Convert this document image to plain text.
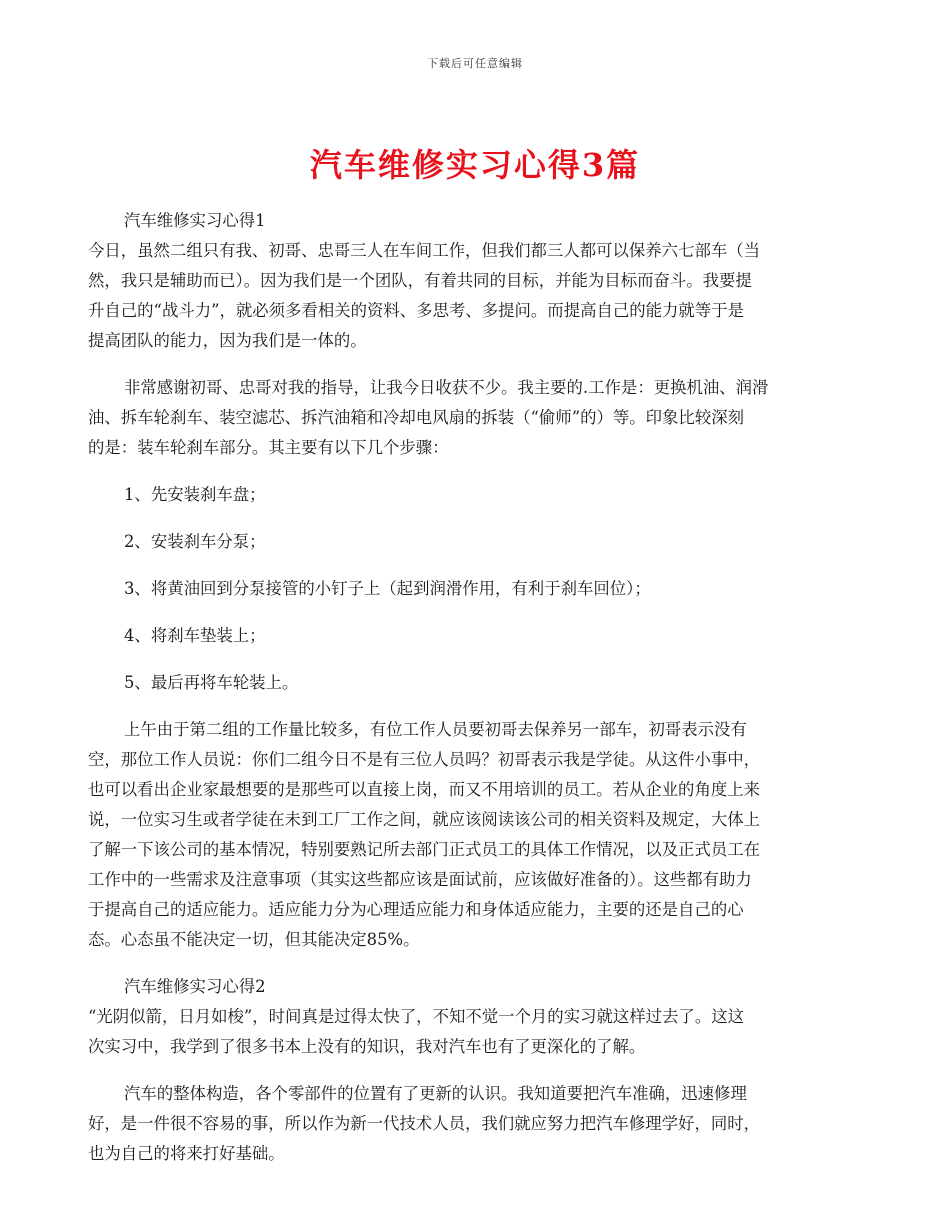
下载后可任意编辑
汽车维修实习心得3篇

汽车维修实习心得1

今日，虽然二组只有我、初哥、忠哥三人在车间工作，但我们都三人都可以保养六七部车（当

然，我只是辅助而已）。因为我们是一个团队，有着共同的目标，并能为目标而奋斗。我要提

升自己的“战斗力”，就必须多看相关的资料、多思考、多提问。而提高自己的能力就等于是

提高团队的能力，因为我们是一体的。

非常感谢初哥、忠哥对我的指导，让我今日收获不少。我主要的.工作是：更换机油、润滑

油、拆车轮刹车、装空滤芯、拆汽油箱和冷却电风扇的拆装（“偷师”的）等。印象比较深刻

的是：装车轮刹车部分。其主要有以下几个步骤：

1、先安装刹车盘；

2、安装刹车分泵；

3、将黄油回到分泵接管的小钉子上（起到润滑作用，有利于刹车回位）；

4、将刹车垫装上；

5、最后再将车轮装上。

上午由于第二组的工作量比较多，有位工作人员要初哥去保养另一部车，初哥表示没有

空，那位工作人员说：你们二组今日不是有三位人员吗？初哥表示我是学徒。从这件小事中，

也可以看出企业家最想要的是那些可以直接上岗，而又不用培训的员工。若从企业的角度上来

说，一位实习生或者学徒在未到工厂工作之间，就应该阅读该公司的相关资料及规定，大体上

了解一下该公司的基本情况，特别要熟记所去部门正式员工的具体工作情况，以及正式员工在

工作中的一些需求及注意事项（其实这些都应该是面试前，应该做好准备的）。这些都有助力

于提高自己的适应能力。适应能力分为心理适应能力和身体适应能力，主要的还是自己的心

态。心态虽不能决定一切，但其能决定85%。

汽车维修实习心得2

“光阴似箭，日月如梭”，时间真是过得太快了，不知不觉一个月的实习就这样过去了。这这

次实习中，我学到了很多书本上没有的知识，我对汽车也有了更深化的了解。

汽车的整体构造，各个零部件的位置有了更新的认识。我知道要把汽车准确，迅速修理

好，是一件很不容易的事，所以作为新一代技术人员，我们就应努力把汽车修理学好，同时，

也为自己的将来打好基础。
